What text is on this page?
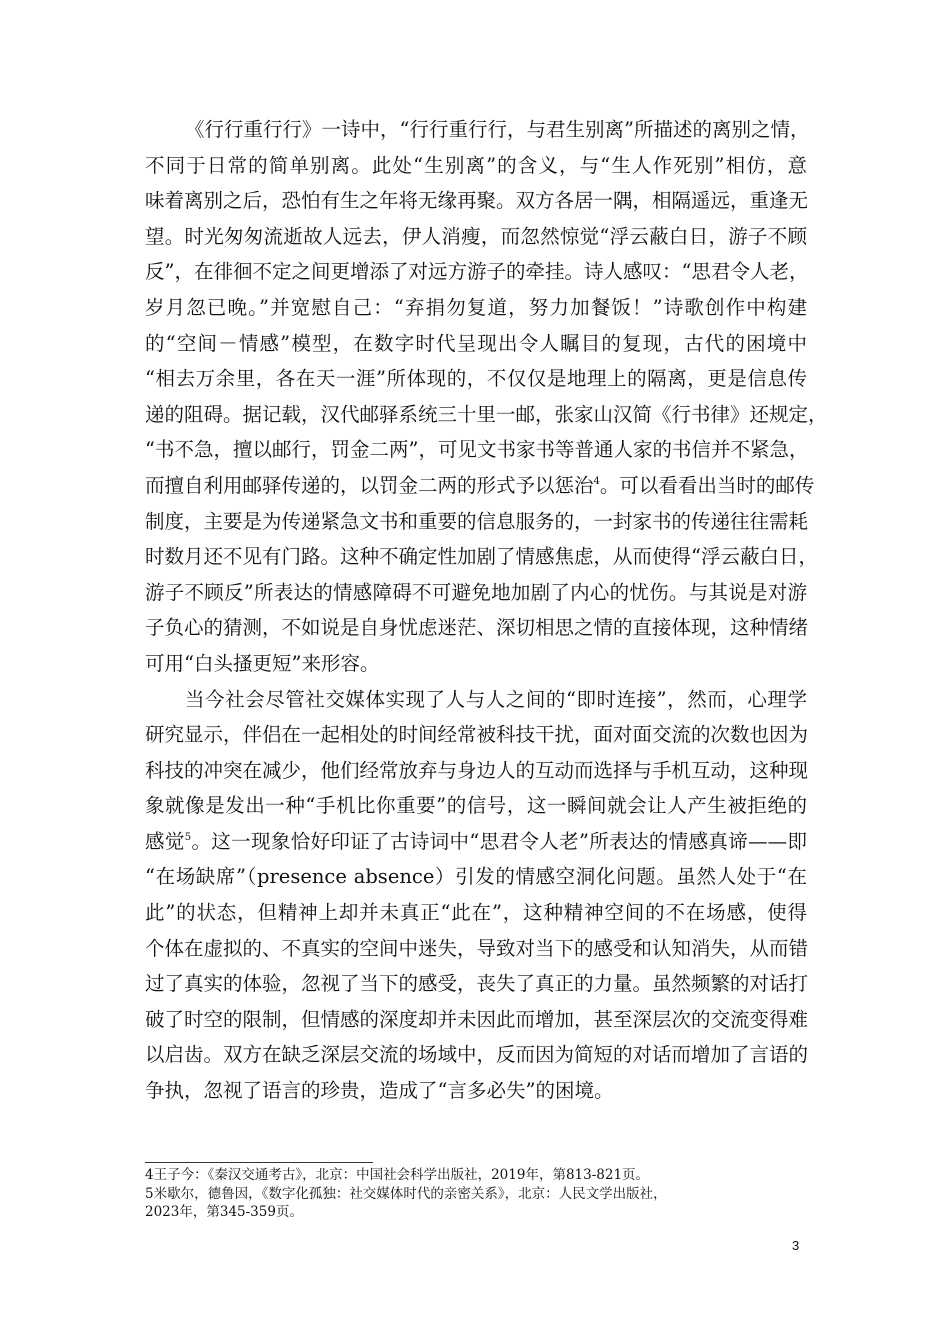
《行行重行行》一诗中，“行行重行行，与君生别离”所描述的离别之情，
不同于日常的简单别离。此处“生别离”的含义，与“生人作死别”相仿，意
味着离别之后，恐怕有生之年将无缘再聚。双方各居一隅，相隔遥远，重逢无
望。时光匆匆流逝故人远去，伊人消瘦，而忽然惊觉“浮云蔽白日，游子不顾
反”，在徘徊不定之间更增添了对远方游子的牵挂。诗人感叹：“思君令人老，
岁月忽已晚。”并宽慰自己：“弃捐勿复道，努力加餐饭！”诗歌创作中构建
的“空间－情感”模型，在数字时代呈现出令人瞩目的复现，古代的困境中
“相去万余里，各在天一涯”所体现的，不仅仅是地理上的隔离，更是信息传
递的阻碍。据记载，汉代邮驿系统三十里一邮，张家山汉简《行书律》还规定，
“书不急，擅以邮行，罚金二两”，可见文书家书等普通人家的书信并不紧急，
而擅自利用邮驿传递的，以罚金二两的形式予以惩治$^4$。可以看看出当时的邮传
制度，主要是为传递紧急文书和重要的信息服务的，一封家书的传递往往需耗
时数月还不见有门路。这种不确定性加剧了情感焦虑，从而使得“浮云蔽白日，
游子不顾反”所表达的情感障碍不可避免地加剧了内心的忧伤。与其说是对游
子负心的猜测，不如说是自身忧虑迷茫、深切相思之情的直接体现，这种情绪
可用“白头搔更短”来形容。
当今社会尽管社交媒体实现了人与人之间的“即时连接”，然而，心理学
研究显示，伴侣在一起相处的时间经常被科技干扰，面对面交流的次数也因为
科技的冲突在减少，他们经常放弃与身边人的互动而选择与手机互动，这种现
象就像是发出一种“手机比你重要”的信号，这一瞬间就会让人产生被拒绝的
感觉$^5$。这一现象恰好印证了古诗词中“思君令人老”所表达的情感真谛——即
“在场缺席”（presence absence）引发的情感空洞化问题。虽然人处于“在
此”的状态，但精神上却并未真正“此在”，这种精神空间的不在场感，使得
个体在虚拟的、不真实的空间中迷失，导致对当下的感受和认知消失，从而错
过了真实的体验，忽视了当下的感受，丧失了真正的力量。虽然频繁的对话打
破了时空的限制，但情感的深度却并未因此而增加，甚至深层次的交流变得难
以启齿。双方在缺乏深层交流的场域中，反而因为简短的对话而增加了言语的
争执，忽视了语言的珍贵，造成了“言多必失”的困境。
4王子今：《秦汉交通考古》，北京：中国社会科学出版社，2019年，第813-821页。
5米歇尔，德鲁因，《数字化孤独：社交媒体时代的亲密关系》，北京：人民文学出版社，
2023年，第345-359页。
3
